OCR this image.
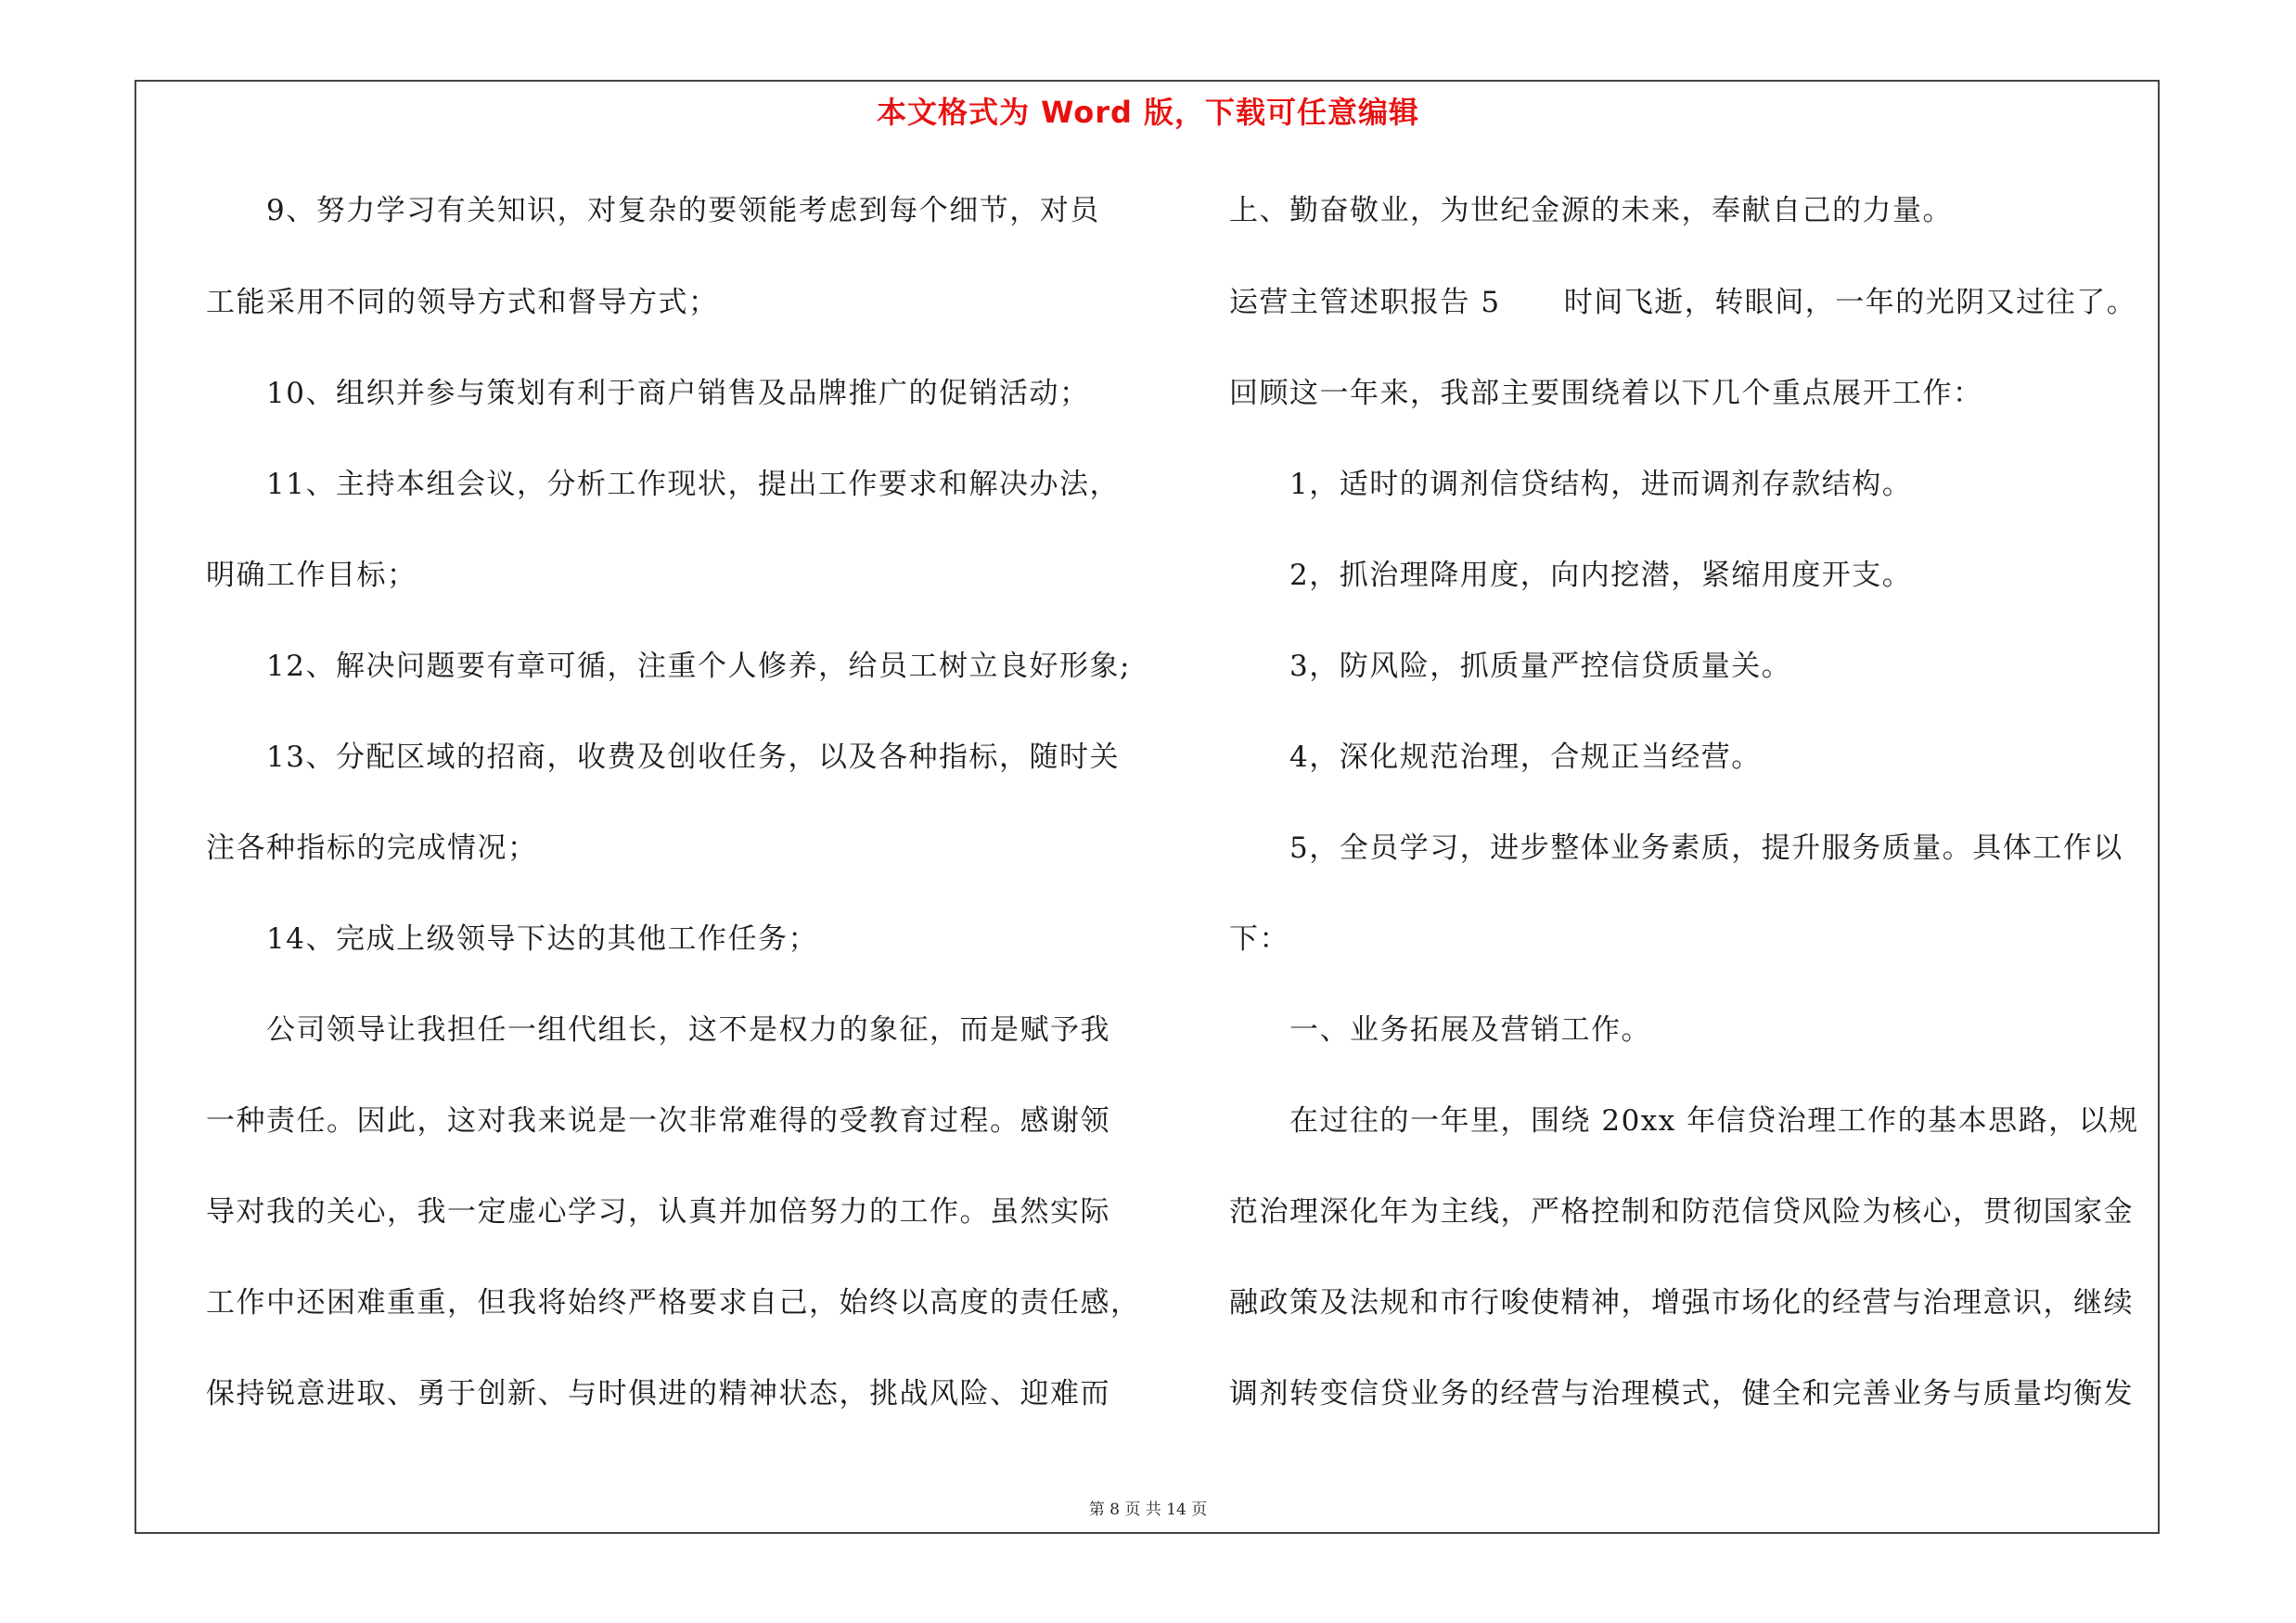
本文格式为 Word 版，下载可任意编辑
9、努力学习有关知识，对复杂的要领能考虑到每个细节，对员
工能采用不同的领导方式和督导方式；
10、组织并参与策划有利于商户销售及品牌推广的促销活动；
11、主持本组会议，分析工作现状，提出工作要求和解决办法，
明确工作目标；
12、解决问题要有章可循，注重个人修养，给员工树立良好形象;
13、分配区域的招商，收费及创收任务，以及各种指标，随时关
注各种指标的完成情况；
14、完成上级领导下达的其他工作任务；
公司领导让我担任一组代组长，这不是权力的象征，而是赋予我
一种责任。因此，这对我来说是一次非常难得的受教育过程。感谢领
导对我的关心，我一定虚心学习，认真并加倍努力的工作。虽然实际
工作中还困难重重，但我将始终严格要求自己，始终以高度的责任感，
保持锐意进取、勇于创新、与时俱进的精神状态，挑战风险、迎难而
上、勤奋敬业，为世纪金源的未来，奉献自己的力量。
运营主管述职报告 5      时间飞逝，转眼间，一年的光阴又过往了。
回顾这一年来，我部主要围绕着以下几个重点展开工作：
1，适时的调剂信贷结构，进而调剂存款结构。
2，抓治理降用度，向内挖潜，紧缩用度开支。
3，防风险，抓质量严控信贷质量关。
4，深化规范治理，合规正当经营。
5，全员学习，进步整体业务素质，提升服务质量。具体工作以
下：
一、业务拓展及营销工作。
在过往的一年里，围绕 20xx 年信贷治理工作的基本思路，以规
范治理深化年为主线，严格控制和防范信贷风险为核心，贯彻国家金
融政策及法规和市行唆使精神，增强市场化的经营与治理意识，继续
调剂转变信贷业务的经营与治理模式，健全和完善业务与质量均衡发
第 8 页 共 14 页
